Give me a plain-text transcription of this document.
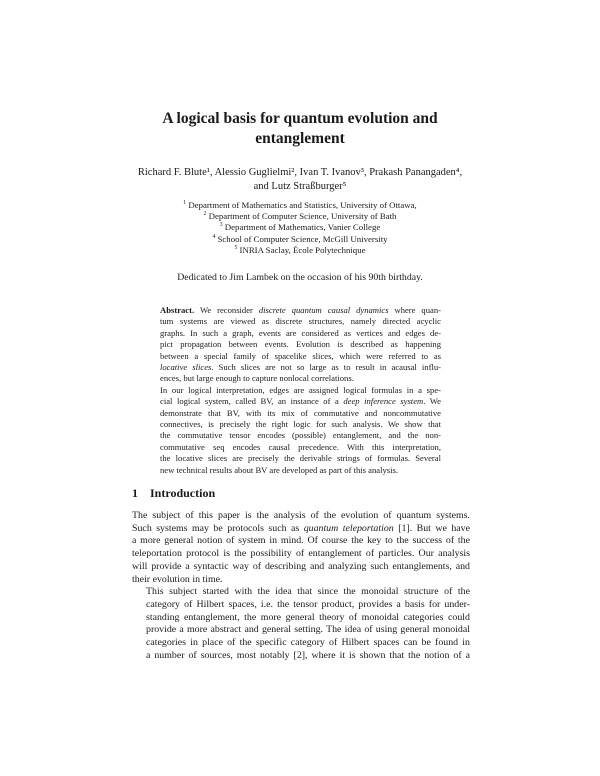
A logical basis for quantum evolution and
entanglement
Richard F. Blute¹, Alessio Guglielmi², Ivan T. Ivanov³, Prakash Panangaden⁴,
and Lutz Straßburger⁵
$^1$ Department of Mathematics and Statistics, University of Ottawa,
$^2$ Department of Computer Science, University of Bath
$^3$ Department of Mathematics, Vanier College
$^4$ School of Computer Science, McGill University
$^5$ INRIA Saclay, École Polytechnique
Dedicated to Jim Lambek on the occasion of his 90th birthday.

Abstract. We reconsider discrete quantum causal dynamics where quan-
tum systems are viewed as discrete structures, namely directed acyclic
graphs. In such a graph, events are considered as vertices and edges de-
pict propagation between events. Evolution is described as happening
between a special family of spacelike slices, which were referred to as
locative slices. Such slices are not so large as to result in acausal influ-
ences, but large enough to capture nonlocal correlations.

In our logical interpretation, edges are assigned logical formulas in a spe-
cial logical system, called BV, an instance of a deep inference system. We
demonstrate that BV, with its mix of commutative and noncommutative
connectives, is precisely the right logic for such analysis. We show that
the commutative tensor encodes (possible) entanglement, and the non-
commutative seq encodes causal precedence. With this interpretation,
the locative slices are precisely the derivable strings of formulas. Several
new technical results about BV are developed as part of this analysis.

1 Introduction

The subject of this paper is the analysis of the evolution of quantum systems.
Such systems may be protocols such as quantum teleportation [1]. But we have
a more general notion of system in mind. Of course the key to the success of the
teleportation protocol is the possibility of entanglement of particles. Our analysis
will provide a syntactic way of describing and analyzing such entanglements, and
their evolution in time.

This subject started with the idea that since the monoidal structure of the
category of Hilbert spaces, i.e. the tensor product, provides a basis for under-
standing entanglement, the more general theory of monoidal categories could
provide a more abstract and general setting. The idea of using general monoidal
categories in place of the specific category of Hilbert spaces can be found in
a number of sources, most notably [2], where it is shown that the notion of a
